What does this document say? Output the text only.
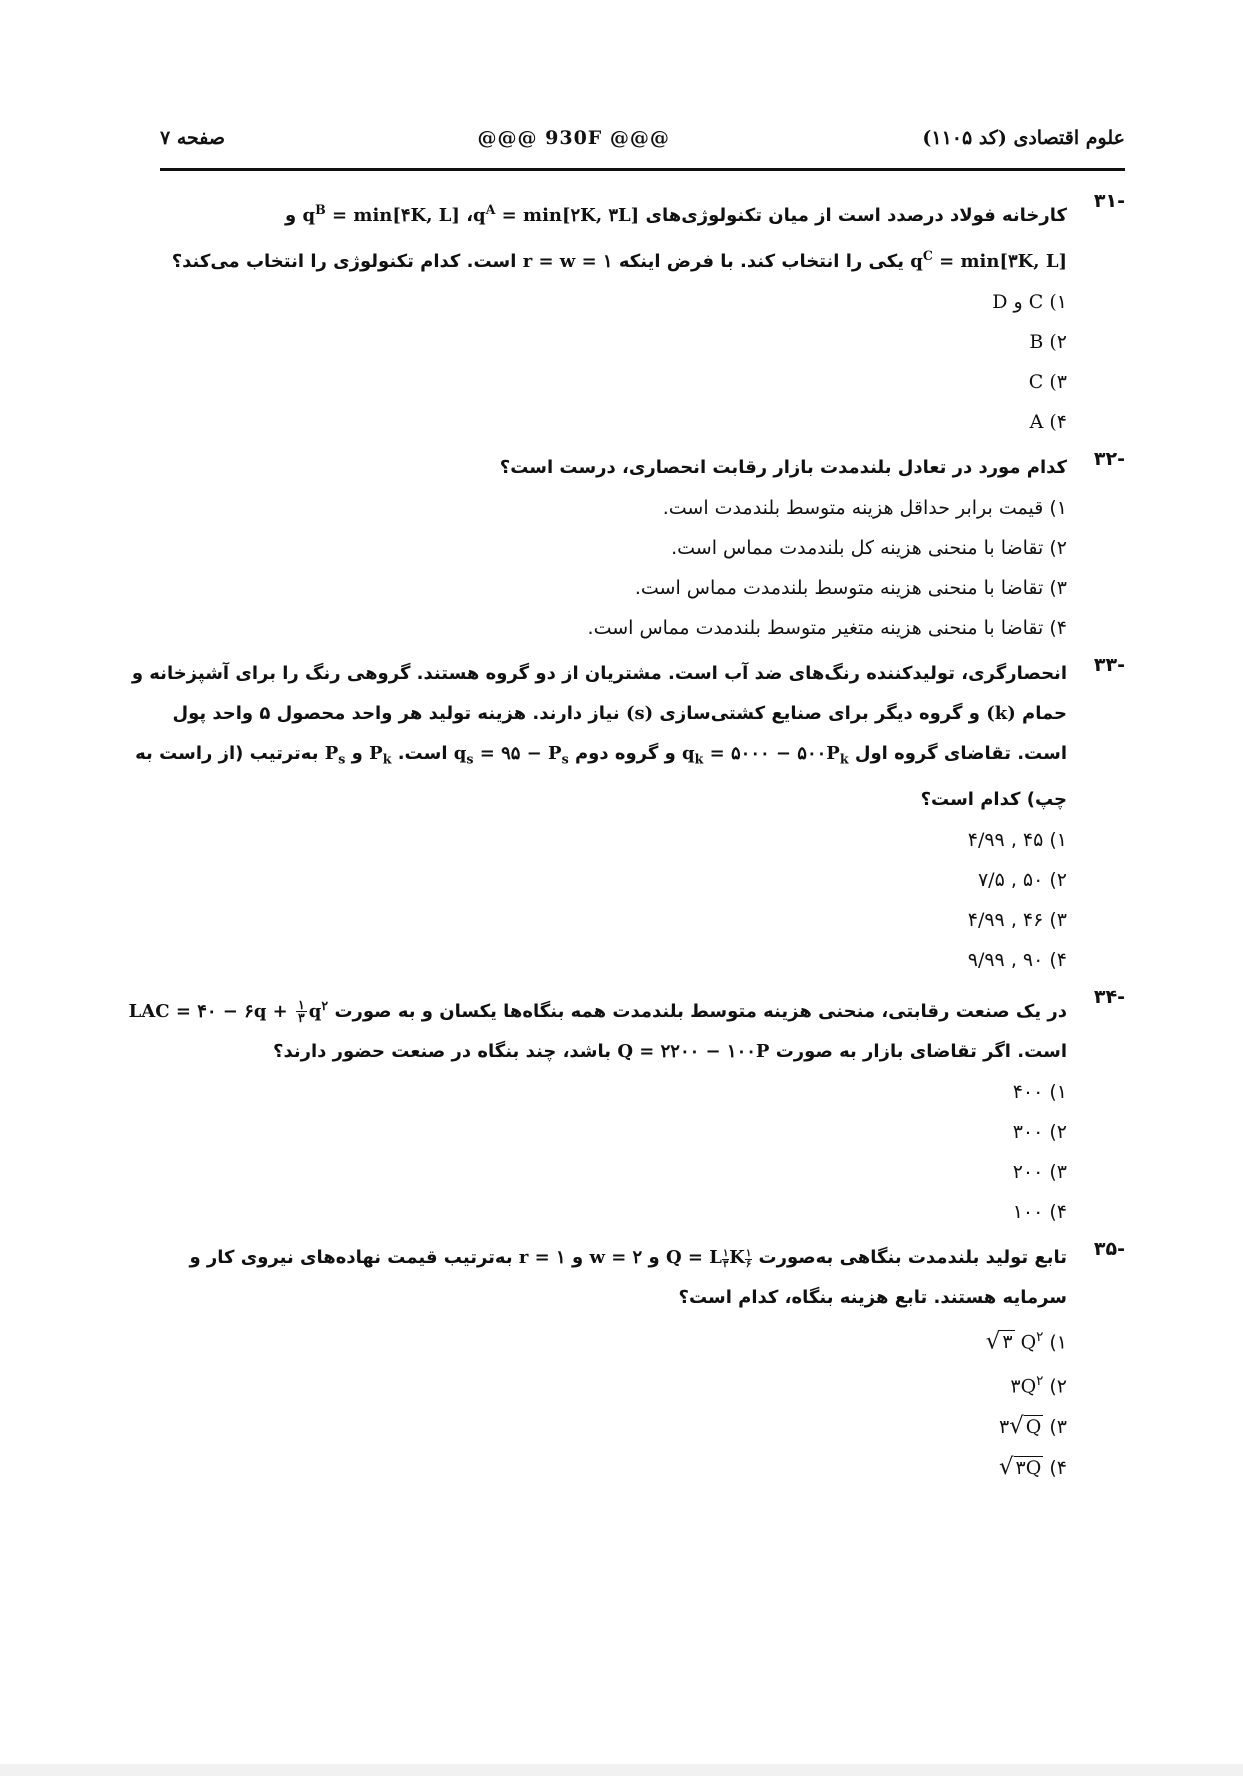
صفحه ۷	@@@ 930F @@@	علوم اقتصادی (کد ۱۱۰۵)
-۳۱
کارخانه فولاد درصدد است از میان تکنولوژی‌های $q^A$ = min[۲K, ۳L]، $q^B$ = min[۴K, L] و
$q^C$ = min[۳K, L] یکی را انتخاب کند. با فرض اینکه r = w = ۱ است. کدام تکنولوژی را انتخاب می‌کند؟
۱) C و D
۲) B
۳) C
۴) A
-۳۲
کدام مورد در تعادل بلندمدت بازار رقابت انحصاری، درست است؟
۱) قیمت برابر حداقل هزینه متوسط بلندمدت است.
۲) تقاضا با منحنی هزینه کل بلندمدت مماس است.
۳) تقاضا با منحنی هزینه متوسط بلندمدت مماس است.
۴) تقاضا با منحنی هزینه متغیر متوسط بلندمدت مماس است.
-۳۳
انحصارگری، تولیدکننده رنگ‌های ضد آب است. مشتریان از دو گروه هستند. گروهی رنگ را برای آشپزخانه و حمام (k) و گروه دیگر برای صنایع کشتی‌سازی (s) نیاز دارند. هزینه تولید هر واحد محصول ۵ واحد پول است. تقاضای گروه اول $q_k$ = ۵۰۰۰ − $۵۰۰P_k$ و گروه دوم $q_s$ = ۹۵ − $P_s$ است. $P_k$ و $P_s$ به‌ترتیب (از راست به چپ) کدام است؟
۱) ۴۵ , ۴/۹۹
۲) ۵۰ , ۷/۵
۳) ۴۶ , ۴/۹۹
۴) ۹۰ , ۹/۹۹
-۳۴
در یک صنعت رقابتی، منحنی هزینه متوسط بلندمدت همه بنگاه‌ها یکسان و به صورت LAC = ۴۰ − ۶q + $\frac{۱}{۳} q^۲$ است. اگر تقاضای بازار به صورت Q = ۲۲۰۰ − ۱۰۰P باشد، چند بنگاه در صنعت حضور دارند؟
۱) ۴۰۰
۲) ۳۰۰
۳) ۲۰۰
۴) ۱۰۰
-۳۵
تابع تولید بلندمدت بنگاهی به‌صورت Q = L ۱
۳ K ۱
۶
و w = ۲ و r = ۱ به‌ترتیب قیمت نهاده‌های نیروی کار و سرمایه هستند. تابع هزینه بنگاه، کدام است؟
۱) √ ۳ $Q^۲$
۲) $۳Q^۲$
۳) ۳√ Q
۴) √ ۳Q
